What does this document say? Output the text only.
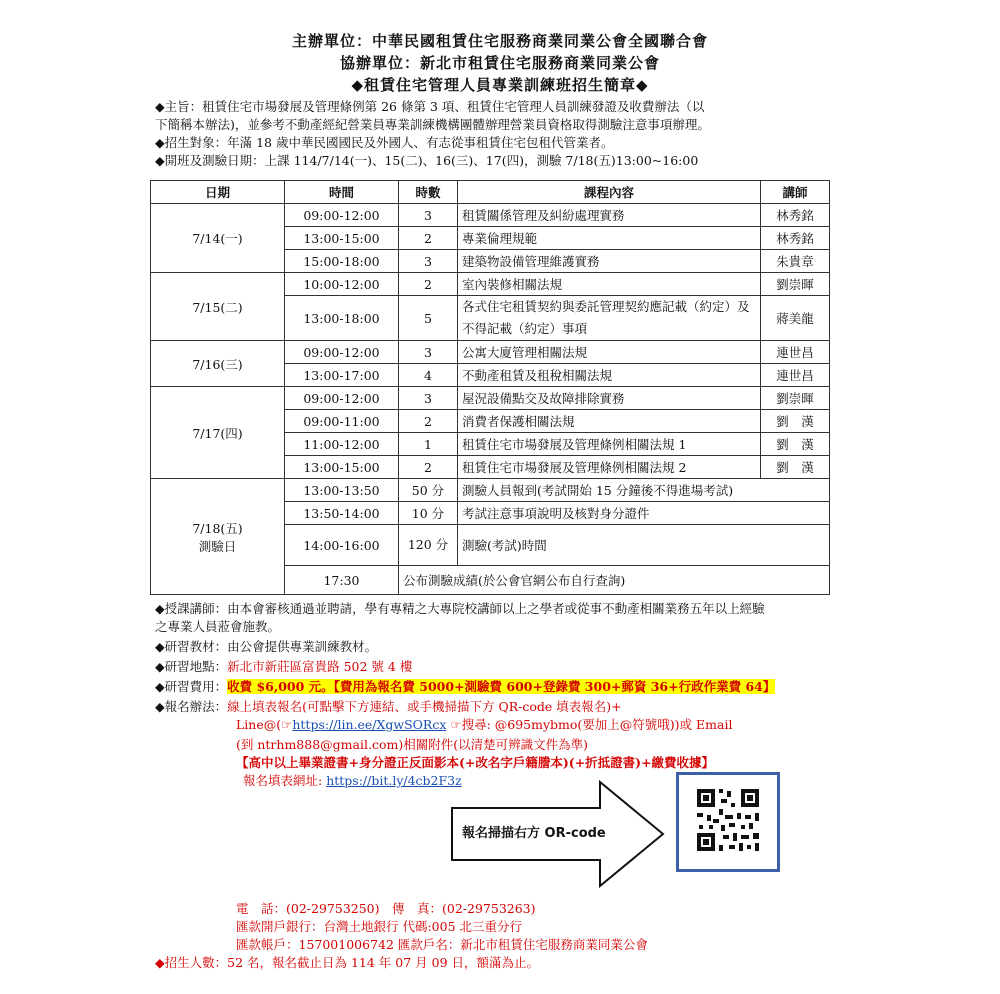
主辦單位：中華民國租賃住宅服務商業同業公會全國聯合會
協辦單位：新北市租賃住宅服務商業同業公會
◆租賃住宅管理人員專業訓練班招生簡章◆
◆主旨：租賃住宅市場發展及管理條例第 26 條第 3 項、租賃住宅管理人員訓練發證及收費辦法（以
下簡稱本辦法)，並參考不動產經紀營業員專業訓練機構團體辦理營業員資格取得測驗注意事項辦理。
◆招生對象：年滿 18 歲中華民國國民及外國人、有志從事租賃住宅包租代管業者。
◆開班及測驗日期：上課 114/7/14(一)、15(二)、16(三)、17(四)，測驗 7/18(五)13:00~16:00
日期	時間	時數	課程內容	講師
7/14(一)	09:00-12:00	3	租賃關係管理及糾紛處理實務	林秀銘
	13:00-15:00	2	專業倫理規範	林秀銘
	15:00-18:00	3	建築物設備管理維護實務	朱貴章
7/15(二)	10:00-12:00	2	室內裝修相關法規	劉崇暉
	13:00-18:00	5	各式住宅租賃契約與委託管理契約應記載（約定）及不得記載（約定）事項	蔣美龍
7/16(三)	09:00-12:00	3	公寓大廈管理相關法規	連世昌
	13:00-17:00	4	不動產租賃及租稅相關法規	連世昌
7/17(四)	09:00-12:00	3	屋況設備點交及故障排除實務	劉崇暉
	09:00-11:00	2	消費者保護相關法規	劉　漢
	11:00-12:00	1	租賃住宅市場發展及管理條例相關法規 1	劉　漢
	13:00-15:00	2	租賃住宅市場發展及管理條例相關法規 2	劉　漢

7/18(五)
測驗日	13:00-13:50	50 分	測驗人員報到(考試開始 15 分鐘後不得進場考試)	
	13:50-14:00	10 分	考試注意事項說明及核對身分證件	
	14:00-16:00	120 分	測驗(考試)時間	
	17:30	公布測驗成績(於公會官網公布自行查詢)		
◆授課講師：由本會審核通過並聘請，學有專精之大專院校講師以上之學者或從事不動產相關業務五年以上經驗
之專業人員蒞會施教。
◆研習教材：由公會提供專業訓練教材。
◆研習地點：新北市新莊區富貴路 502 號 4 樓
◆研習費用：收費 $6,000 元。【費用為報名費 5000+測驗費 600+登錄費 300+郵資 36+行政作業費 64】
◆報名辦法：線上填表報名(可點擊下方連結、或手機掃描下方 QR-code 填表報名)+
Line@(☞https://lin.ee/XgwSORcx ☞搜尋: @695mybmo(要加上@符號哦))或 Email
(到 ntrhm888@gmail.com)相關附件(以清楚可辨識文件為準)
【高中以上畢業證書+身分證正反面影本(+改名字戶籍謄本)(+折抵證書)+繳費收據】
報名填表網址: https://bit.ly/4cb2F3z
報名掃描右方 OR-code
電　話：(02-29753250)　傳　真：(02-29753263)
匯款開戶銀行：台灣土地銀行 代碼:005 北三重分行
匯款帳戶：157001006742 匯款戶名：新北市租賃住宅服務商業同業公會
◆招生人數：52 名，報名截止日為 114 年 07 月 09 日，額滿為止。
